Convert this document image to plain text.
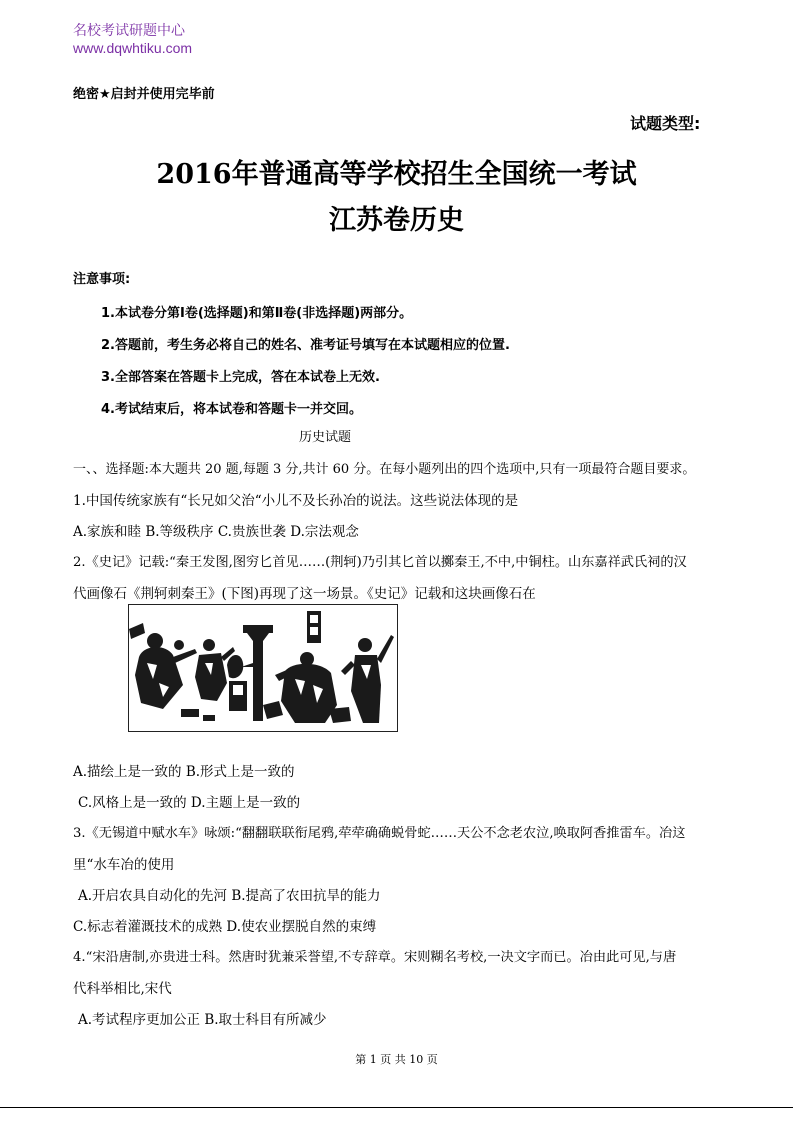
名校考试研题中心
www.dqwhtiku.com
绝密★启封并使用完毕前
试题类型:
2016年普通高等学校招生全国统一考试
江苏卷历史
注意事项:
1.本试卷分第Ⅰ卷(选择题)和第Ⅱ卷(非选择题)两部分。
2.答题前，考生务必将自己的姓名、准考证号填写在本试题相应的位置.
3.全部答案在答题卡上完成，答在本试卷上无效.
4.考试结束后，将本试卷和答题卡一并交回。
历史试题
一、、选择题:本大题共 20 题,每题 3 分,共计 60 分。在每小题列出的四个选项中,只有一项最符合题目要求。
1.中国传统家族有“长兄如父治“小儿不及长孙冶的说法。这些说法体现的是
A.家族和睦 B.等级秩序 C.贵族世袭 D.宗法观念
2.《史记》记载:“秦王发图,图穷匕首见……(荆轲)乃引其匕首以擲秦王,不中,中铜柱。山东嘉祥武氏祠的汉
代画像石《荆轲刺秦王》(下图)再现了这一场景。《史记》记载和这块画像石在
A.描绘上是一致的 B.形式上是一致的
C.风格上是一致的 D.主题上是一致的
3.《无锡道中赋水车》咏颂:“翻翻联联衔尾鸦,荦荦确确蜕骨蛇……天公不念老农泣,唤取阿香推雷车。冶这
里“水车冶的使用
A.开启农具自动化的先河 B.提高了农田抗旱的能力
C.标志着灌溉技术的成熟 D.使农业摆脱自然的束缚
4.“宋沿唐制,亦贵进士科。然唐时犹兼采誉望,不专辞章。宋则糊名考校,一决文字而已。冶由此可见,与唐
代科举相比,宋代
A.考试程序更加公正 B.取士科目有所减少
第 1 页 共 10 页
